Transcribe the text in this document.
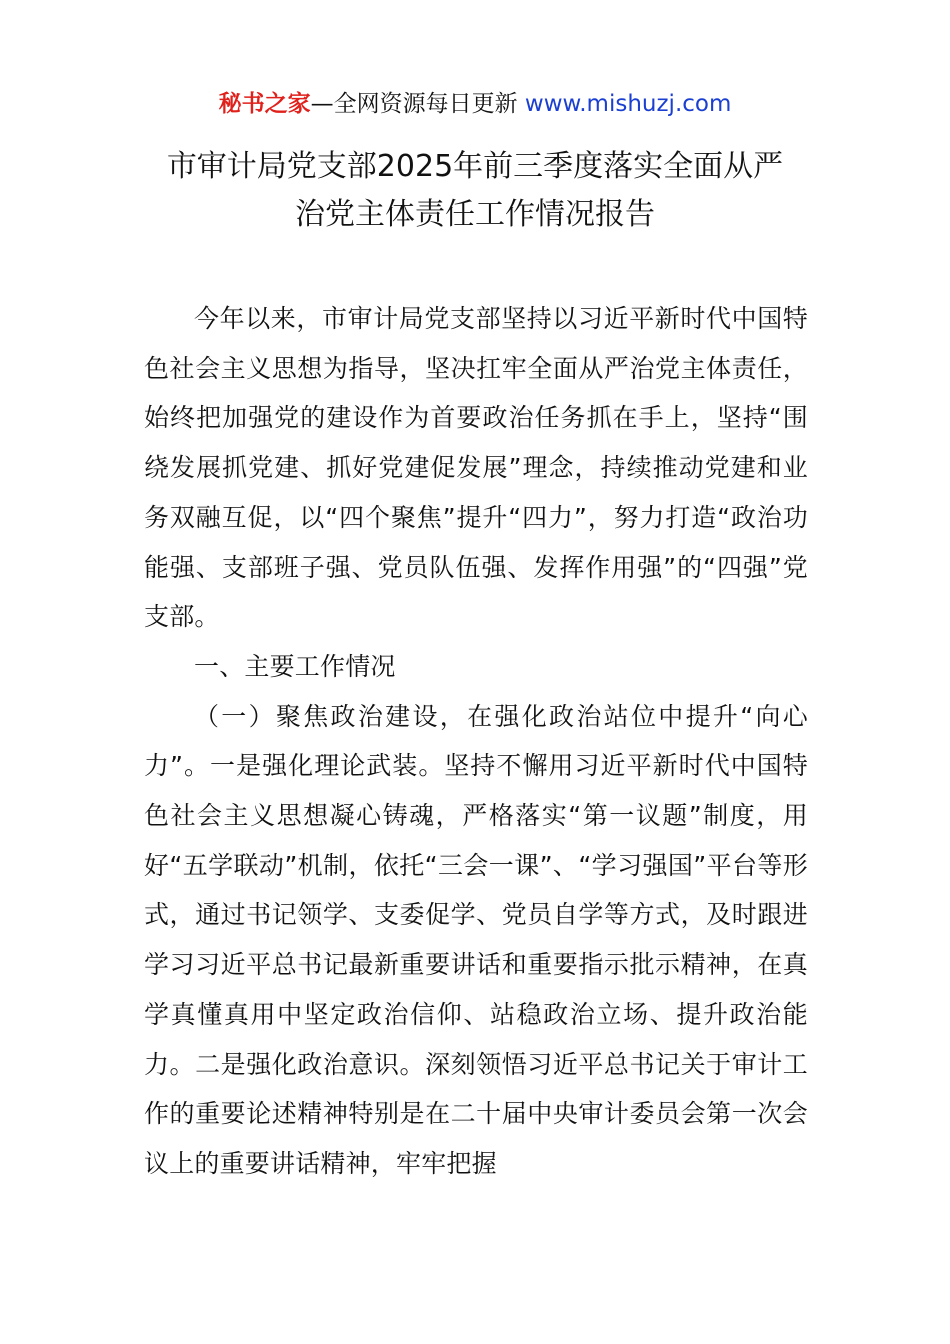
秘书之家—全网资源每日更新 www.mishuzj.com
市审计局党支部2025年前三季度落实全面从严
治党主体责任工作情况报告

今年以来，市审计局党支部坚持以习近平新时代中国特色社会主义思想为指导，坚决扛牢全面从严治党主体责任，始终把加强党的建设作为首要政治任务抓在手上，坚持“围绕发展抓党建、抓好党建促发展”理念，持续推动党建和业务双融互促，以“四个聚焦”提升“四力”，努力打造“政治功能强、支部班子强、党员队伍强、发挥作用强”的“四强”党支部。

一、主要工作情况

（一）聚焦政治建设，在强化政治站位中提升“向心力”。一是强化理论武装。坚持不懈用习近平新时代中国特色社会主义思想凝心铸魂，严格落实“第一议题”制度，用好“五学联动”机制，依托“三会一课”、“学习强国”平台等形式，通过书记领学、支委促学、党员自学等方式，及时跟进学习习近平总书记最新重要讲话和重要指示批示精神，在真学真懂真用中坚定政治信仰、站稳政治立场、提升政治能力。二是强化政治意识。深刻领悟习近平总书记关于审计工作的重要论述精神特别是在二十届中央审计委员会第一次会议上的重要讲话精神，牢牢把握
